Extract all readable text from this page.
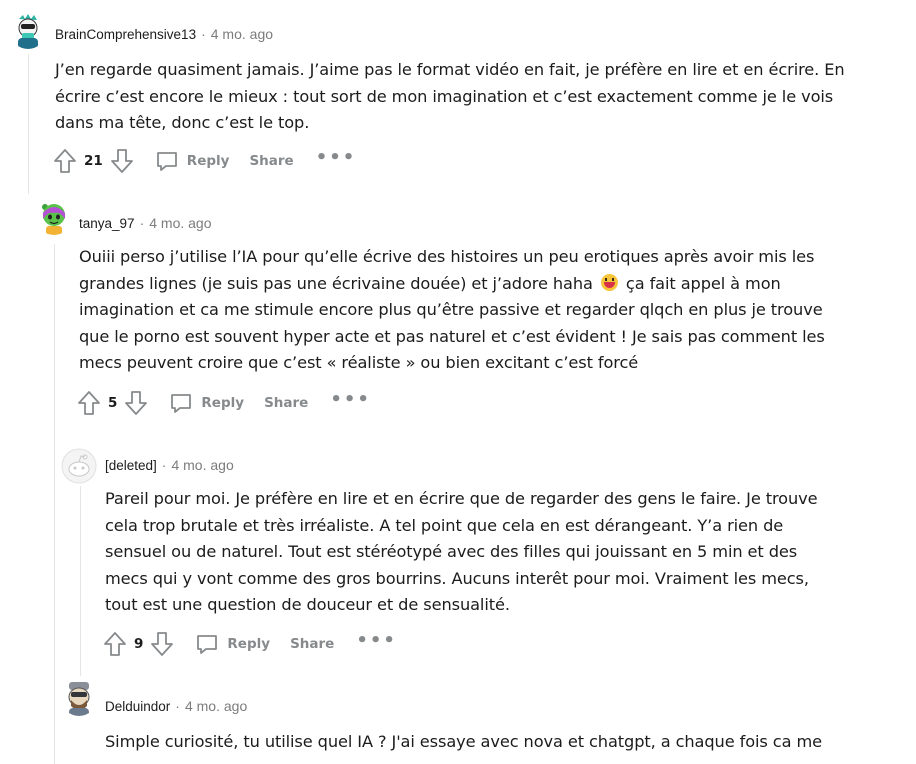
BrainComprehensive13 · 4 mo. ago

J’en regarde quasiment jamais. J’aime pas le format vidéo en fait, je préfère en lire et en écrire. En

écrire c’est encore le mieux : tout sort de mon imagination et c’est exactement comme je le vois

dans ma tête, donc c’est le top.

21	Reply Share •••
tanya_97 · 4 mo. ago

Ouiii perso j’utilise l’IA pour qu’elle écrive des histoires un peu erotiques après avoir mis les

grandes lignes (je suis pas une écrivaine douée) et j’adore haha ça fait appel à mon

imagination et ca me stimule encore plus qu’être passive et regarder qlqch en plus je trouve

que le porno est souvent hyper acte et pas naturel et c’est évident ! Je sais pas comment les

mecs peuvent croire que c’est « réaliste » ou bien excitant c’est forcé

5	Reply Share •••
[deleted] · 4 mo. ago

Pareil pour moi. Je préfère en lire et en écrire que de regarder des gens le faire. Je trouve

cela trop brutale et très irréaliste. A tel point que cela en est dérangeant. Y’a rien de

sensuel ou de naturel. Tout est stéréotypé avec des filles qui jouissant en 5 min et des

mecs qui y vont comme des gros bourrins. Aucuns interêt pour moi. Vraiment les mecs,

tout est une question de douceur et de sensualité.

9	Reply Share •••
Delduindor · 4 mo. ago

Simple curiosité, tu utilise quel IA ? J'ai essaye avec nova et chatgpt, a chaque fois ca me
